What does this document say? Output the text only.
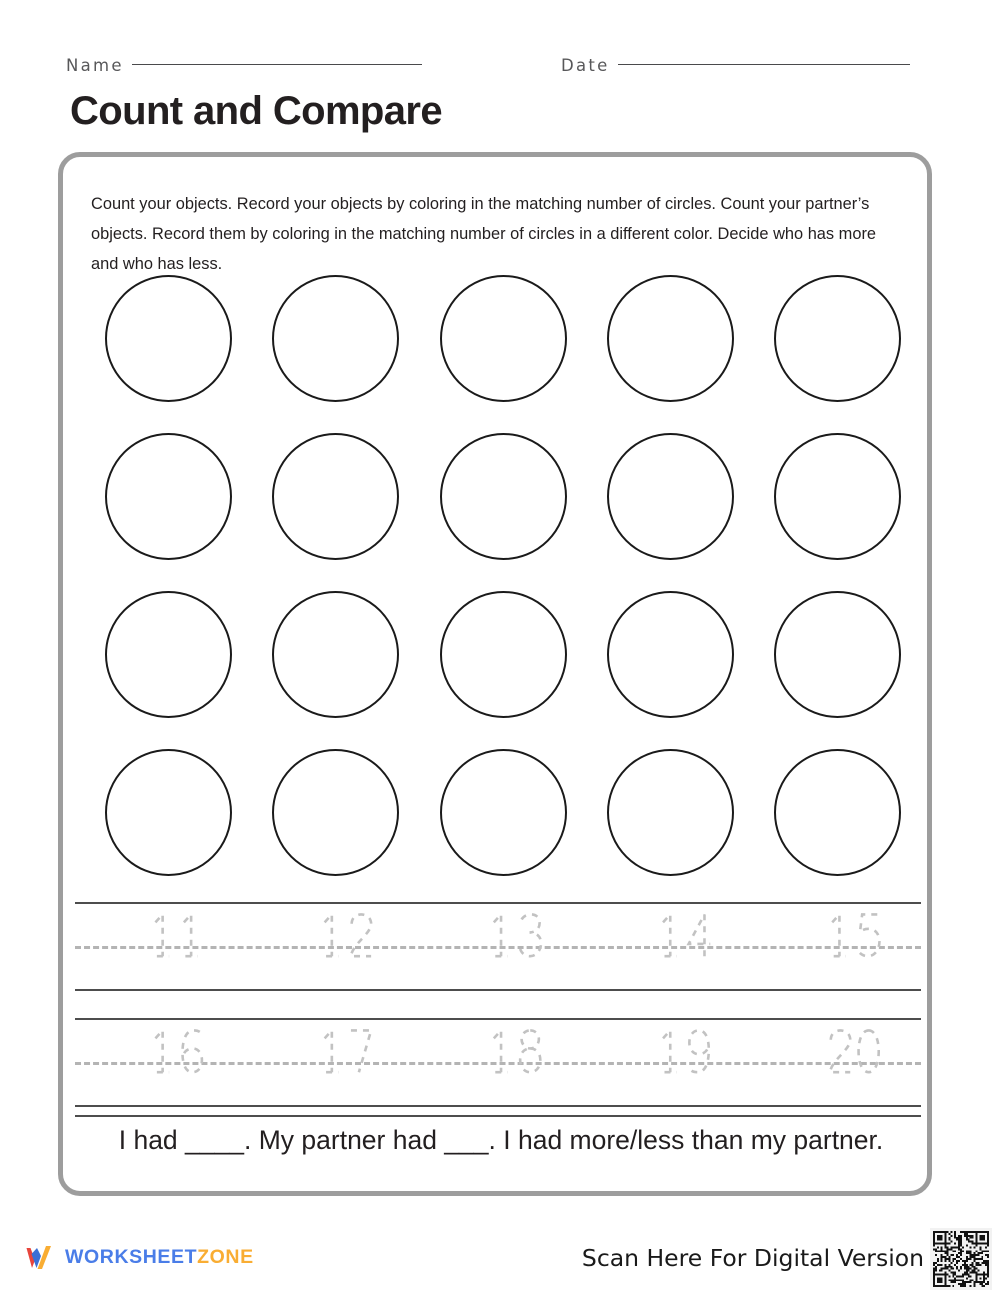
Name	Date
Count and Compare

Count your objects. Record your objects by coloring in the matching number of circles. Count your partner’s objects. Record them by coloring in the matching number of circles in a different color. Decide who has more and who has less.

I had ____. My partner had ___. I had more/less than my partner.
WORKSHEETZONE	Scan Here For Digital Version
